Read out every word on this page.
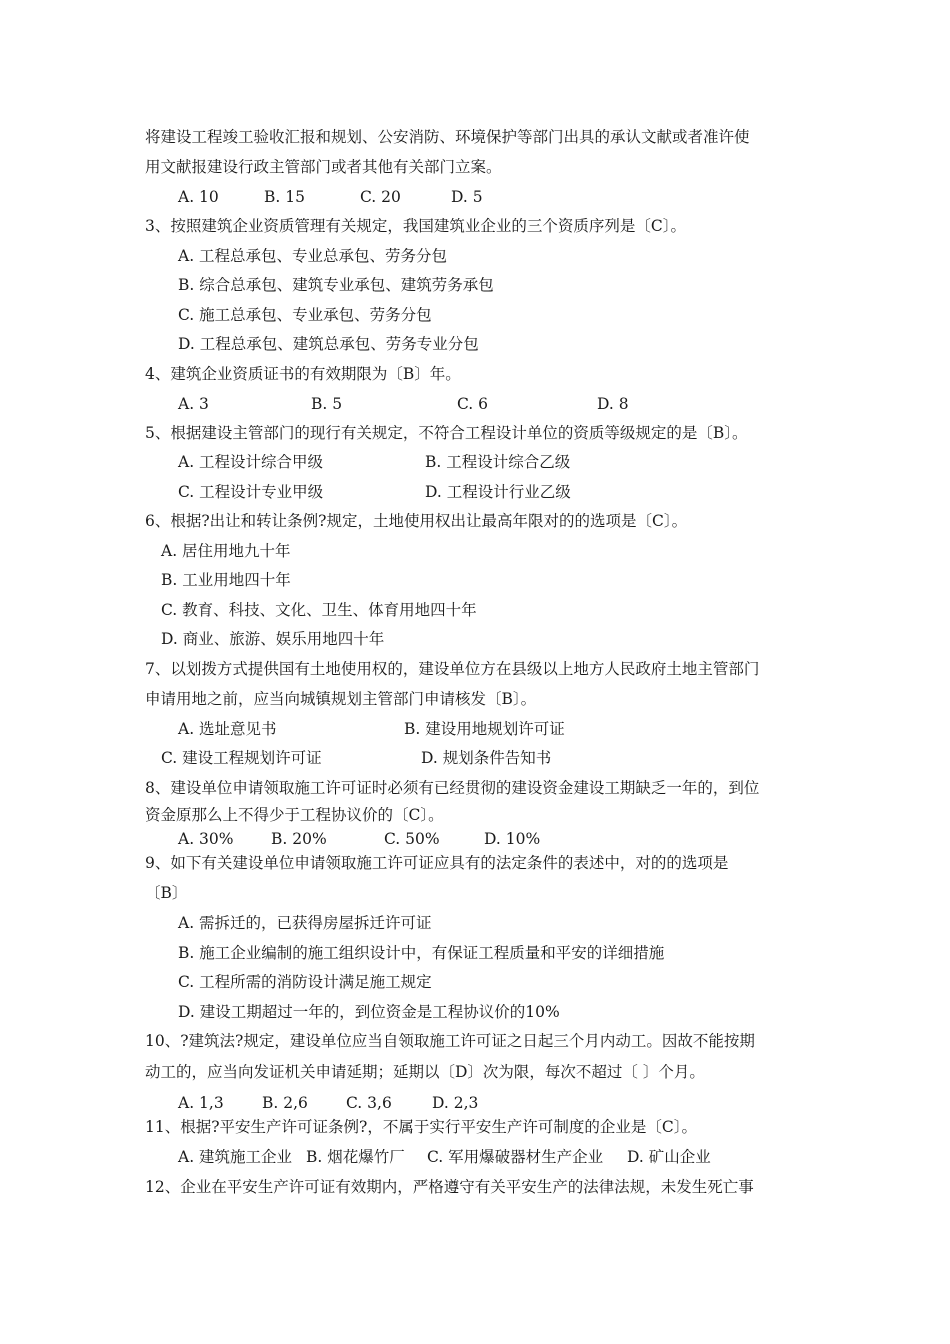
将建设工程竣工验收汇报和规划、公安消防、环境保护等部门出具的承认文献或者准许使
用文献报建设行政主管部门或者其他有关部门立案。
A. 10	B. 15	C. 20	D. 5
3、按照建筑企业资质管理有关规定，我国建筑业企业的三个资质序列是〔C〕。
A. 工程总承包、专业总承包、劳务分包
B. 综合总承包、建筑专业承包、建筑劳务承包
C. 施工总承包、专业承包、劳务分包
D. 工程总承包、建筑总承包、劳务专业分包
4、建筑企业资质证书的有效期限为〔B〕年。
A. 3	B. 5	C. 6	D. 8
5、根据建设主管部门的现行有关规定，不符合工程设计单位的资质等级规定的是〔B〕。
A. 工程设计综合甲级	B. 工程设计综合乙级
C. 工程设计专业甲级	D. 工程设计行业乙级
6、根据?出让和转让条例?规定，土地使用权出让最高年限对的的选项是〔C〕。
A. 居住用地九十年
B. 工业用地四十年
C. 教育、科技、文化、卫生、体育用地四十年
D. 商业、旅游、娱乐用地四十年
7、以划拨方式提供国有土地使用权的，建设单位方在县级以上地方人民政府土地主管部门
申请用地之前，应当向城镇规划主管部门申请核发〔B〕。
A. 选址意见书	B. 建设用地规划许可证
C. 建设工程规划许可证	D. 规划条件告知书
8、建设单位申请领取施工许可证时必须有已经贯彻的建设资金建设工期缺乏一年的，到位
资金原那么上不得少于工程协议价的〔C〕。
A. 30% B. 20%	C. 50%	D. 10%
9、如下有关建设单位申请领取施工许可证应具有的法定条件的表述中，对的的选项是
〔B〕
A. 需拆迁的，已获得房屋拆迁许可证
B. 施工企业编制的施工组织设计中，有保证工程质量和平安的详细措施
C. 工程所需的消防设计满足施工规定
D. 建设工期超过一年的，到位资金是工程协议价的10%
10、?建筑法?规定，建设单位应当自领取施工许可证之日起三个月内动工。因故不能按期
动工的，应当向发证机关申请延期；延期以〔D〕次为限，每次不超过〔 〕个月。
A. 1,3 B. 2,6 C. 3,6	D. 2,3
11、根据?平安生产许可证条例?，不属于实行平安生产许可制度的企业是〔C〕。
A. 建筑施工企业 B. 烟花爆竹厂 C. 军用爆破器材生产企业 D. 矿山企业
12、企业在平安生产许可证有效期内，严格遵守有关平安生产的法律法规，未发生死亡事
